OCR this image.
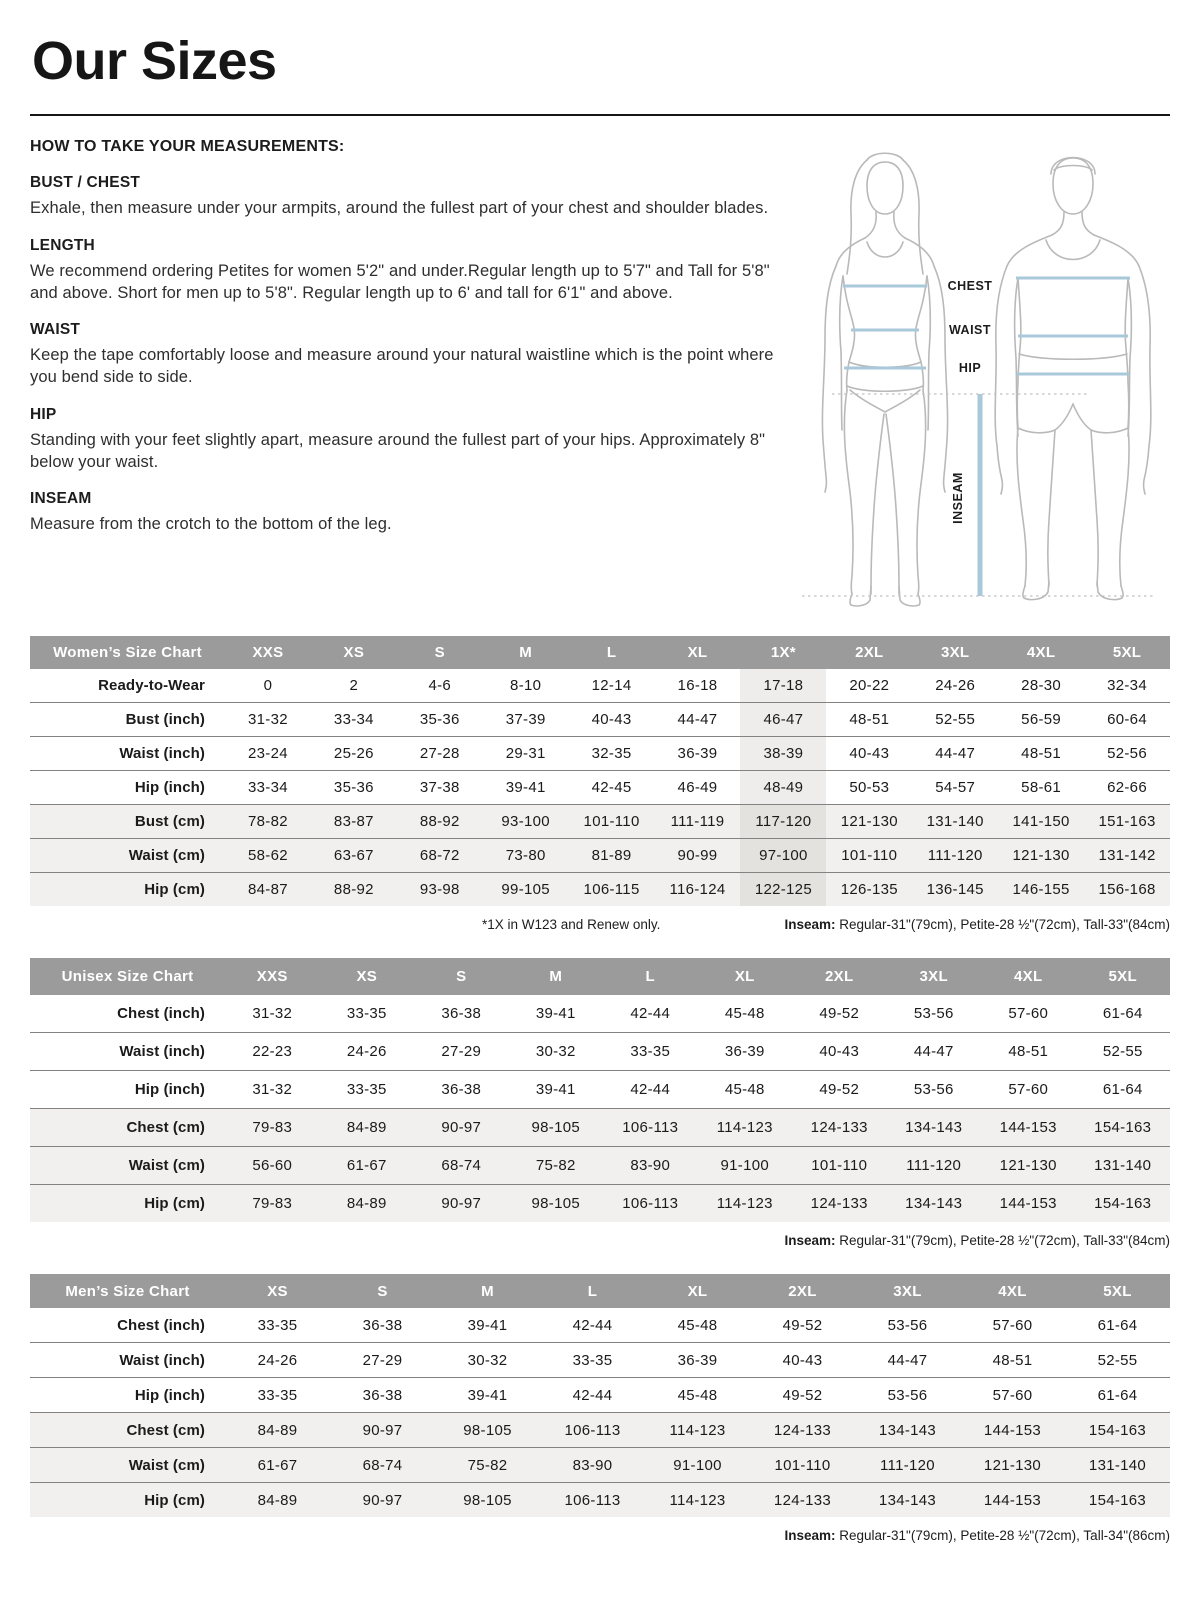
Our Sizes
HOW TO TAKE YOUR MEASUREMENTS:
BUST / CHEST
Exhale, then measure under your armpits, around the fullest part of your chest and shoulder blades.
LENGTH
We recommend ordering Petites for women 5'2" and under.Regular length up to 5'7" and Tall for 5'8" and above. Short for men up to 5'8". Regular length up to 6' and tall for 6'1" and above.
WAIST
Keep the tape comfortably loose and measure around your natural waistline which is the point where you bend side to side.
HIP
Standing with your feet slightly apart, measure around the fullest part of your hips. Approximately 8" below your waist.
INSEAM
Measure from the crotch to the bottom of the leg.
CHEST
WAIST
HIP
INSEAM
Women’s Size Chart	XXS	XS	S	M	L	XL	1X*	2XL	3XL	4XL	5XL
Ready-to-Wear	0	2	4-6	8-10	12-14	16-18	17-18	20-22	24-26	28-30	32-34
Bust (inch)	31-32	33-34	35-36	37-39	40-43	44-47	46-47	48-51	52-55	56-59	60-64
Waist (inch)	23-24	25-26	27-28	29-31	32-35	36-39	38-39	40-43	44-47	48-51	52-56
Hip (inch)	33-34	35-36	37-38	39-41	42-45	46-49	48-49	50-53	54-57	58-61	62-66
Bust (cm)	78-82	83-87	88-92	93-100	101-110	111-119	117-120	121-130	131-140	141-150	151-163
Waist (cm)	58-62	63-67	68-72	73-80	81-89	90-99	97-100	101-110	111-120	121-130	131-142
Hip (cm)	84-87	88-92	93-98	99-105	106-115	116-124	122-125	126-135	136-145	146-155	156-168
*1X in W123 and Renew only.	Inseam: Regular-31"(79cm), Petite-28 ½"(72cm), Tall-33"(84cm)
Unisex Size Chart	XXS	XS	S	M	L	XL	2XL	3XL	4XL	5XL
Chest (inch)	31-32	33-35	36-38	39-41	42-44	45-48	49-52	53-56	57-60	61-64
Waist (inch)	22-23	24-26	27-29	30-32	33-35	36-39	40-43	44-47	48-51	52-55
Hip (inch)	31-32	33-35	36-38	39-41	42-44	45-48	49-52	53-56	57-60	61-64
Chest (cm)	79-83	84-89	90-97	98-105	106-113	114-123	124-133	134-143	144-153	154-163
Waist (cm)	56-60	61-67	68-74	75-82	83-90	91-100	101-110	111-120	121-130	131-140
Hip (cm)	79-83	84-89	90-97	98-105	106-113	114-123	124-133	134-143	144-153	154-163
Inseam: Regular-31"(79cm), Petite-28 ½"(72cm), Tall-33"(84cm)
Men’s Size Chart	XS	S	M	L	XL	2XL	3XL	4XL	5XL
Chest (inch)	33-35	36-38	39-41	42-44	45-48	49-52	53-56	57-60	61-64
Waist (inch)	24-26	27-29	30-32	33-35	36-39	40-43	44-47	48-51	52-55
Hip (inch)	33-35	36-38	39-41	42-44	45-48	49-52	53-56	57-60	61-64
Chest (cm)	84-89	90-97	98-105	106-113	114-123	124-133	134-143	144-153	154-163
Waist (cm)	61-67	68-74	75-82	83-90	91-100	101-110	111-120	121-130	131-140
Hip (cm)	84-89	90-97	98-105	106-113	114-123	124-133	134-143	144-153	154-163
Inseam: Regular-31"(79cm), Petite-28 ½"(72cm), Tall-34"(86cm)
